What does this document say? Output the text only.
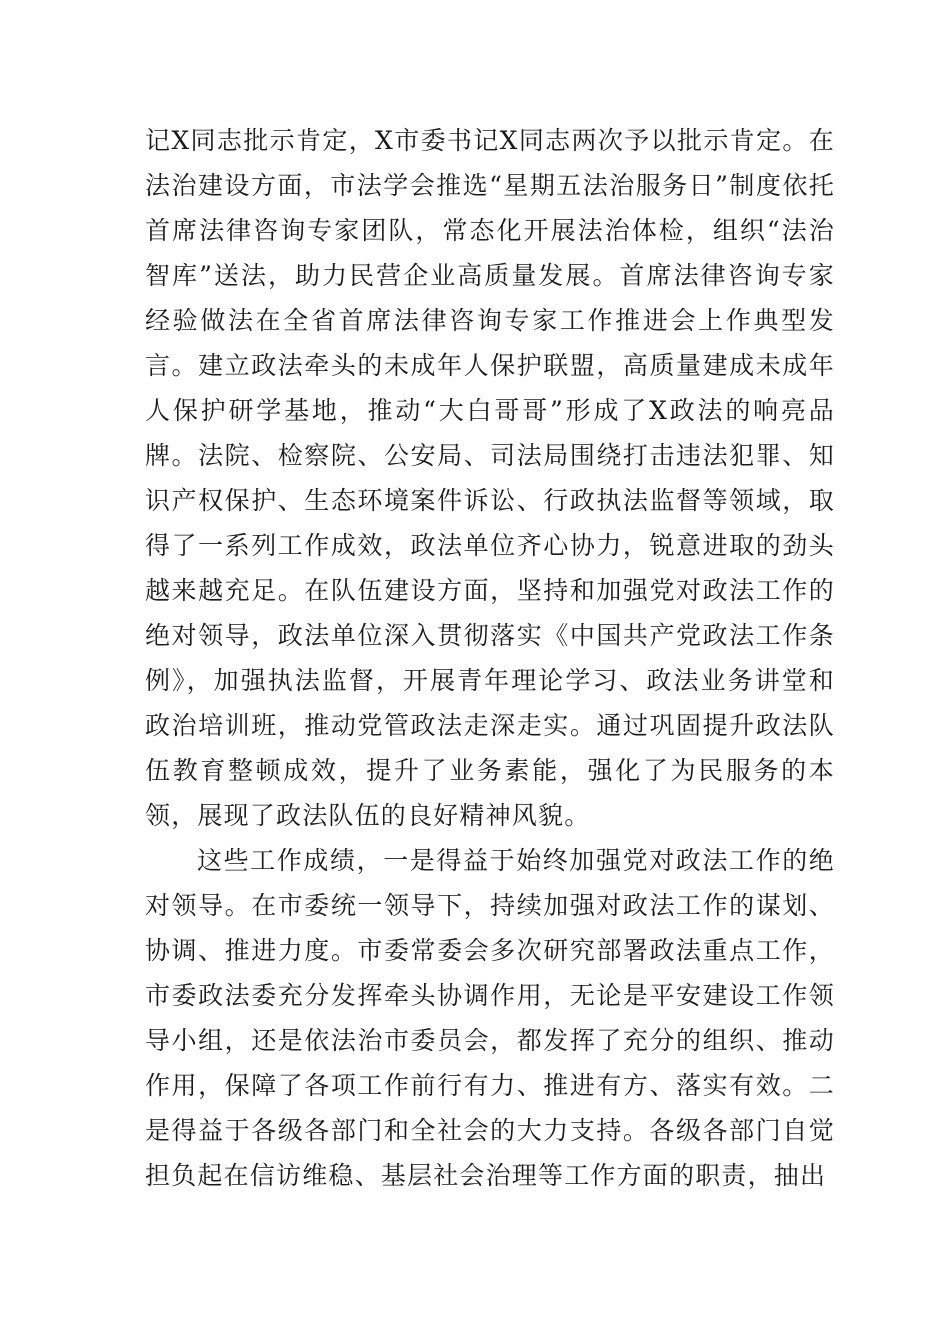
记X同志批示肯定，X市委书记X同志两次予以批示肯定。在法治建设方面，市法学会推选“星期五法治服务日”制度依托首席法律咨询专家团队，常态化开展法治体检，组织“法治智库”送法，助力民营企业高质量发展。首席法律咨询专家经验做法在全省首席法律咨询专家工作推进会上作典型发言。建立政法牵头的未成年人保护联盟，高质量建成未成年人保护研学基地，推动“大白哥哥”形成了X政法的响亮品牌。法院、检察院、公安局、司法局围绕打击违法犯罪、知识产权保护、生态环境案件诉讼、行政执法监督等领域，取得了一系列工作成效，政法单位齐心协力，锐意进取的劲头越来越充足。在队伍建设方面，坚持和加强党对政法工作的绝对领导，政法单位深入贯彻落实《中国共产党政法工作条例》，加强执法监督，开展青年理论学习、政法业务讲堂和政治培训班，推动党管政法走深走实。通过巩固提升政法队伍教育整顿成效，提升了业务素能，强化了为民服务的本领，展现了政法队伍的良好精神风貌。

这些工作成绩，一是得益于始终加强党对政法工作的绝对领导。在市委统一领导下，持续加强对政法工作的谋划、协调、推进力度。市委常委会多次研究部署政法重点工作，市委政法委充分发挥牵头协调作用，无论是平安建设工作领导小组，还是依法治市委员会，都发挥了充分的组织、推动作用，保障了各项工作前行有力、推进有方、落实有效。二是得益于各级各部门和全社会的大力支持。各级各部门自觉担负起在信访维稳、基层社会治理等工作方面的职责，抽出
